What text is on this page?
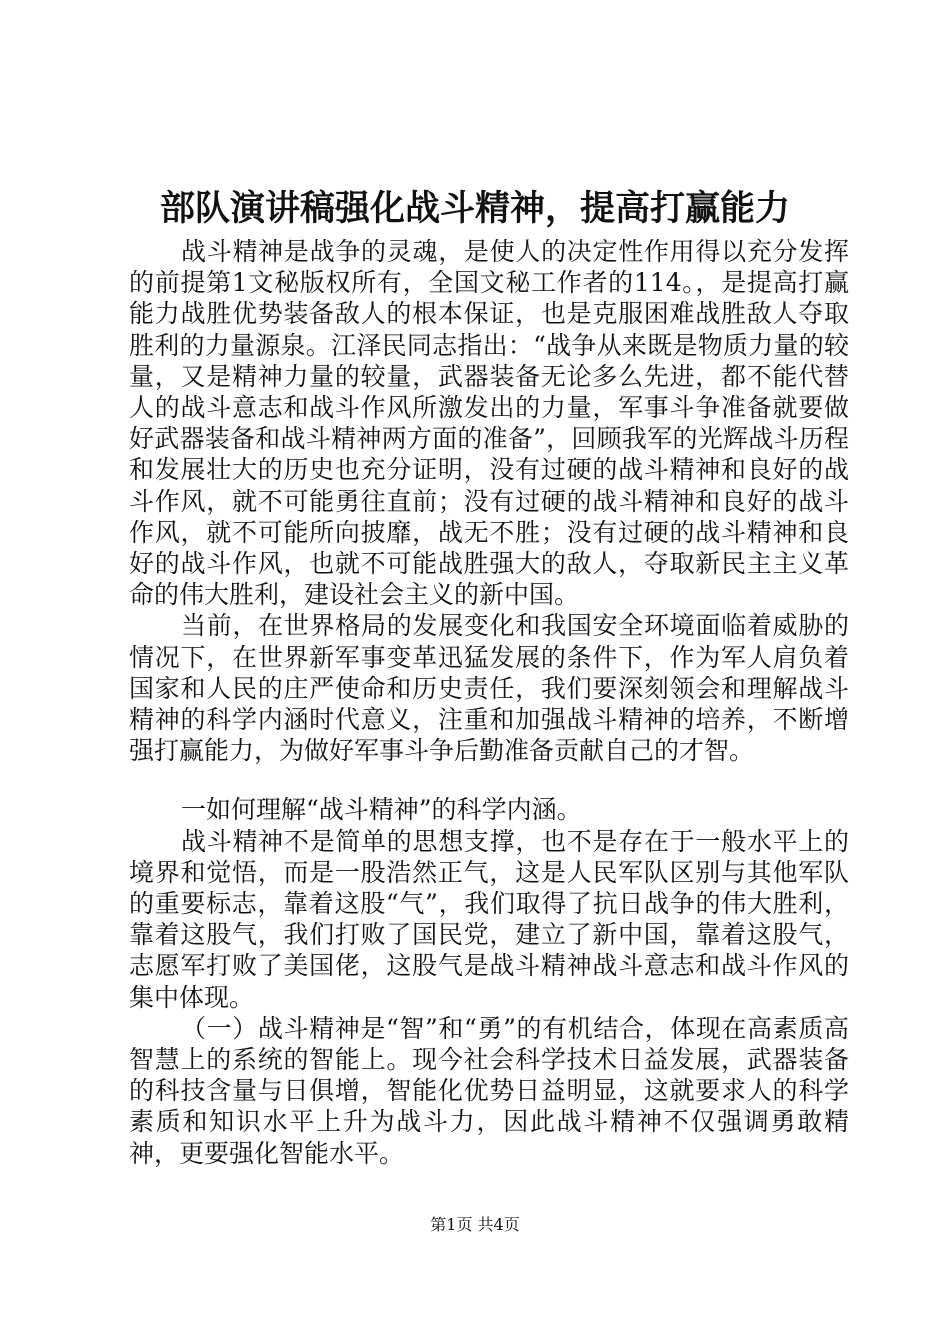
部队演讲稿强化战斗精神，提高打赢能力

战斗精神是战争的灵魂，是使人的决定性作用得以充分发挥的前提第1文秘版权所有，全国文秘工作者的114。，是提高打赢能力战胜优势装备敌人的根本保证，也是克服困难战胜敌人夺取胜利的力量源泉。江泽民同志指出：“战争从来既是物质力量的较量，又是精神力量的较量，武器装备无论多么先进，都不能代替人的战斗意志和战斗作风所激发出的力量，军事斗争准备就要做好武器装备和战斗精神两方面的准备”，回顾我军的光辉战斗历程和发展壮大的历史也充分证明，没有过硬的战斗精神和良好的战斗作风，就不可能勇往直前；没有过硬的战斗精神和良好的战斗作风，就不可能所向披靡，战无不胜；没有过硬的战斗精神和良好的战斗作风，也就不可能战胜强大的敌人，夺取新民主主义革命的伟大胜利，建设社会主义的新中国。

当前，在世界格局的发展变化和我国安全环境面临着威胁的情况下，在世界新军事变革迅猛发展的条件下，作为军人肩负着国家和人民的庄严使命和历史责任，我们要深刻领会和理解战斗精神的科学内涵时代意义，注重和加强战斗精神的培养，不断增强打赢能力，为做好军事斗争后勤准备贡献自己的才智。

一如何理解“战斗精神”的科学内涵。

战斗精神不是简单的思想支撑，也不是存在于一般水平上的境界和觉悟，而是一股浩然正气，这是人民军队区别与其他军队的重要标志，靠着这股“气”，我们取得了抗日战争的伟大胜利，靠着这股气，我们打败了国民党，建立了新中国，靠着这股气，志愿军打败了美国佬，这股气是战斗精神战斗意志和战斗作风的集中体现。

（一）战斗精神是“智”和“勇”的有机结合，体现在高素质高智慧上的系统的智能上。现今社会科学技术日益发展，武器装备的科技含量与日俱增，智能化优势日益明显，这就要求人的科学素质和知识水平上升为战斗力，因此战斗精神不仅强调勇敢精神，更要强化智能水平。

第1页 共4页
